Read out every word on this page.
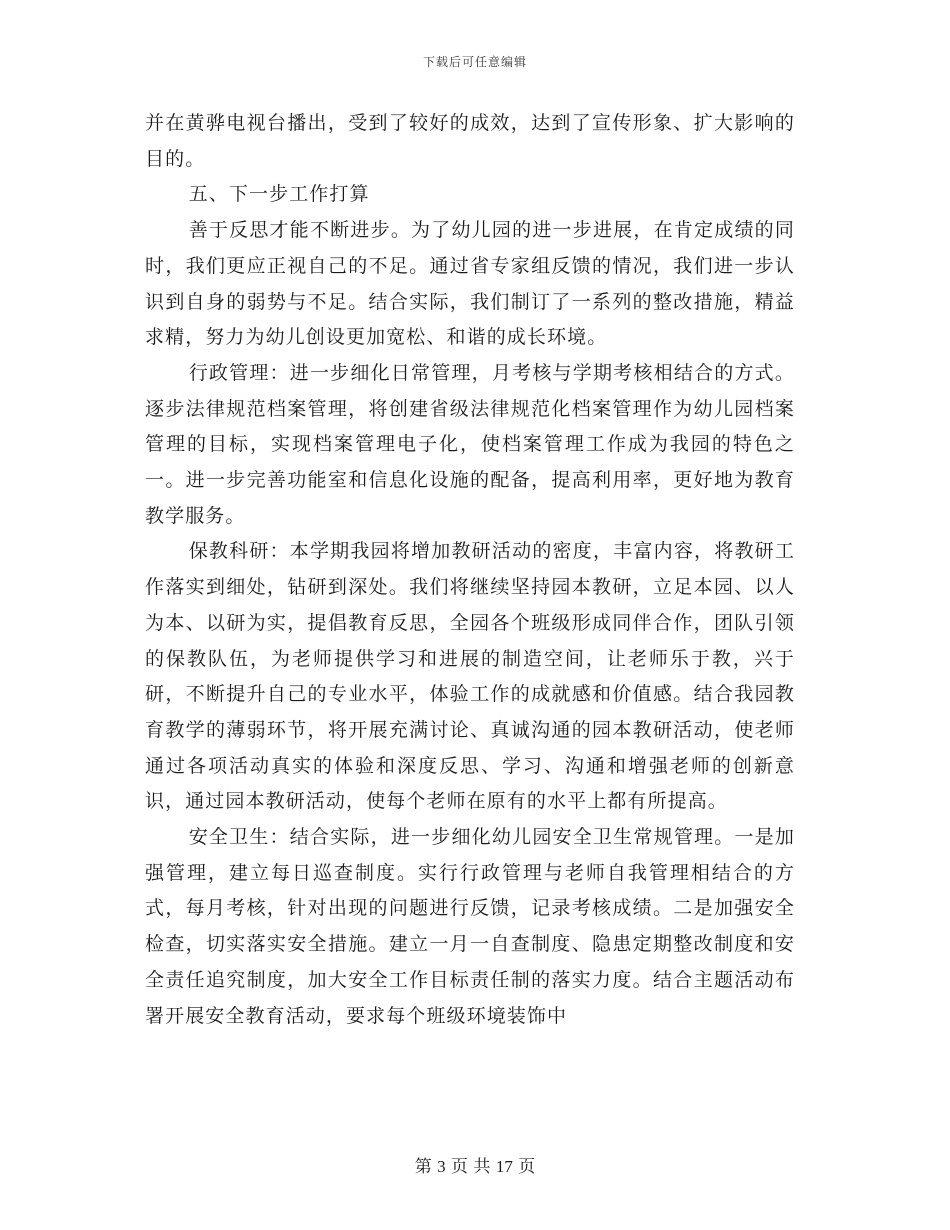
下载后可任意编辑

并在黄骅电视台播出，受到了较好的成效，达到了宣传形象、扩大影响的目的。

五、下一步工作打算

善于反思才能不断进步。为了幼儿园的进一步进展，在肯定成绩的同时，我们更应正视自己的不足。通过省专家组反馈的情况，我们进一步认识到自身的弱势与不足。结合实际，我们制订了一系列的整改措施，精益求精，努力为幼儿创设更加宽松、和谐的成长环境。

行政管理：进一步细化日常管理，月考核与学期考核相结合的方式。逐步法律规范档案管理，将创建省级法律规范化档案管理作为幼儿园档案管理的目标，实现档案管理电子化，使档案管理工作成为我园的特色之一。进一步完善功能室和信息化设施的配备，提高利用率，更好地为教育教学服务。

保教科研：本学期我园将增加教研活动的密度，丰富内容，将教研工作落实到细处，钻研到深处。我们将继续坚持园本教研，立足本园、以人为本、以研为实，提倡教育反思，全园各个班级形成同伴合作，团队引领的保教队伍，为老师提供学习和进展的制造空间，让老师乐于教，兴于研，不断提升自己的专业水平，体验工作的成就感和价值感。结合我园教育教学的薄弱环节，将开展充满讨论、真诚沟通的园本教研活动，使老师通过各项活动真实的体验和深度反思、学习、沟通和增强老师的创新意识，通过园本教研活动，使每个老师在原有的水平上都有所提高。

安全卫生：结合实际，进一步细化幼儿园安全卫生常规管理。一是加强管理，建立每日巡查制度。实行行政管理与老师自我管理相结合的方式，每月考核，针对出现的问题进行反馈，记录考核成绩。二是加强安全检查，切实落实安全措施。建立一月一自查制度、隐患定期整改制度和安全责任追究制度，加大安全工作目标责任制的落实力度。结合主题活动布署开展安全教育活动，要求每个班级环境装饰中

第 3 页 共 17 页
